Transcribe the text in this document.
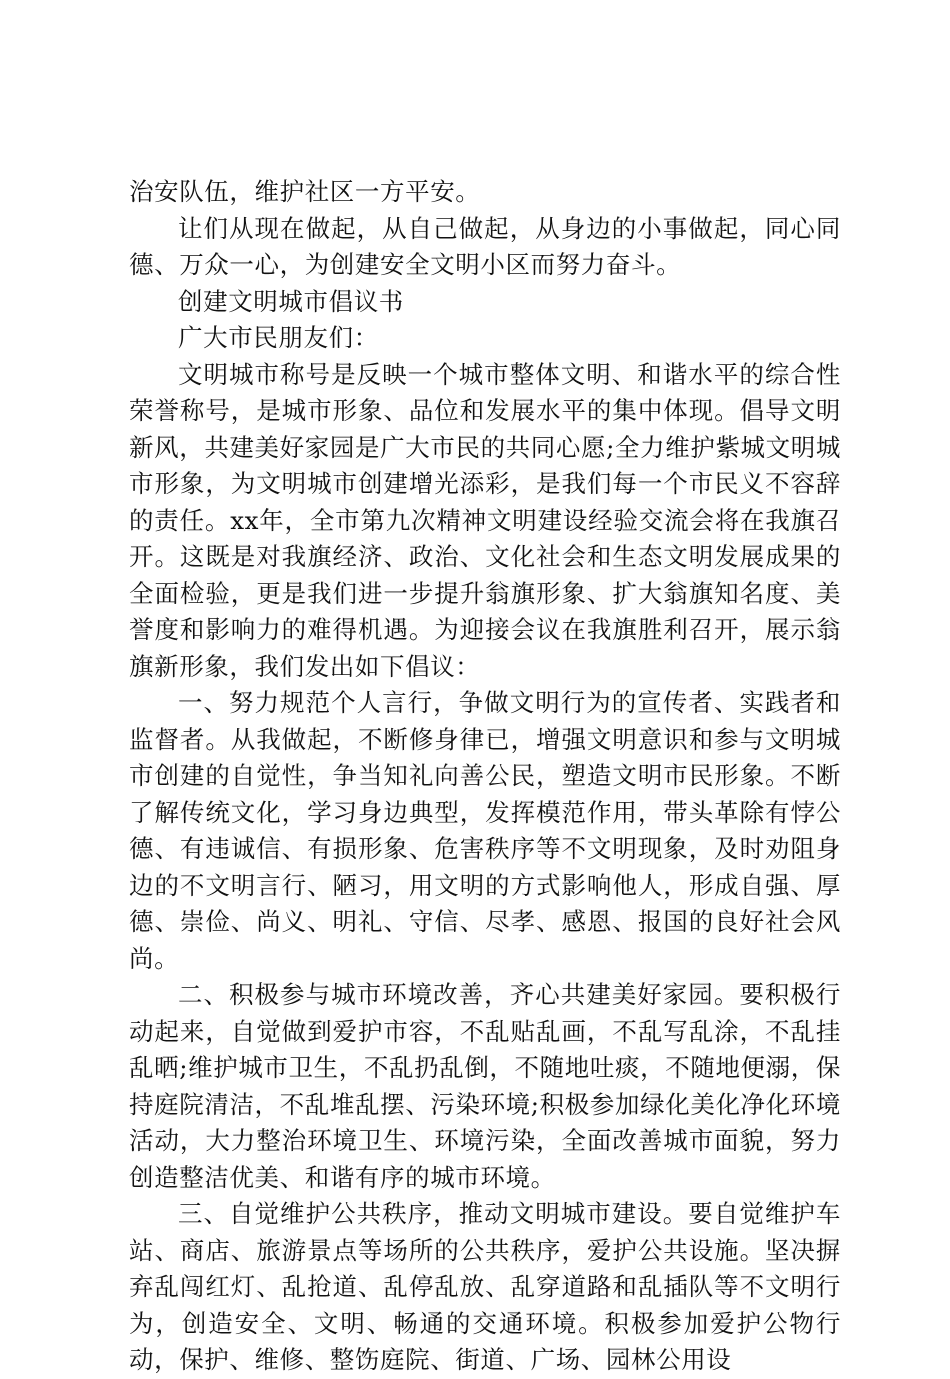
治安队伍，维护社区一方平安。

让们从现在做起，从自己做起，从身边的小事做起，同心同德、万众一心，为创建安全文明小区而努力奋斗。

创建文明城市倡议书

广大市民朋友们：

文明城市称号是反映一个城市整体文明、和谐水平的综合性荣誉称号，是城市形象、品位和发展水平的集中体现。倡导文明新风，共建美好家园是广大市民的共同心愿;全力维护紫城文明城市形象，为文明城市创建增光添彩，是我们每一个市民义不容辞的责任。xx年，全市第九次精神文明建设经验交流会将在我旗召开。这既是对我旗经济、政治、文化社会和生态文明发展成果的全面检验，更是我们进一步提升翁旗形象、扩大翁旗知名度、美誉度和影响力的难得机遇。为迎接会议在我旗胜利召开，展示翁旗新形象，我们发出如下倡议：

一、努力规范个人言行，争做文明行为的宣传者、实践者和监督者。从我做起，不断修身律已，增强文明意识和参与文明城市创建的自觉性，争当知礼向善公民，塑造文明市民形象。不断了解传统文化，学习身边典型，发挥模范作用，带头革除有悖公德、有违诚信、有损形象、危害秩序等不文明现象，及时劝阻身边的不文明言行、陋习，用文明的方式影响他人，形成自强、厚德、崇俭、尚义、明礼、守信、尽孝、感恩、报国的良好社会风尚。

二、积极参与城市环境改善，齐心共建美好家园。要积极行动起来，自觉做到爱护市容，不乱贴乱画，不乱写乱涂，不乱挂乱晒;维护城市卫生，不乱扔乱倒，不随地吐痰，不随地便溺，保持庭院清洁，不乱堆乱摆、污染环境;积极参加绿化美化净化环境活动，大力整治环境卫生、环境污染，全面改善城市面貌，努力创造整洁优美、和谐有序的城市环境。

三、自觉维护公共秩序，推动文明城市建设。要自觉维护车站、商店、旅游景点等场所的公共秩序，爱护公共设施。坚决摒弃乱闯红灯、乱抢道、乱停乱放、乱穿道路和乱插队等不文明行为，创造安全、文明、畅通的交通环境。积极参加爱护公物行动，保护、维修、整饬庭院、街道、广场、园林公用设
